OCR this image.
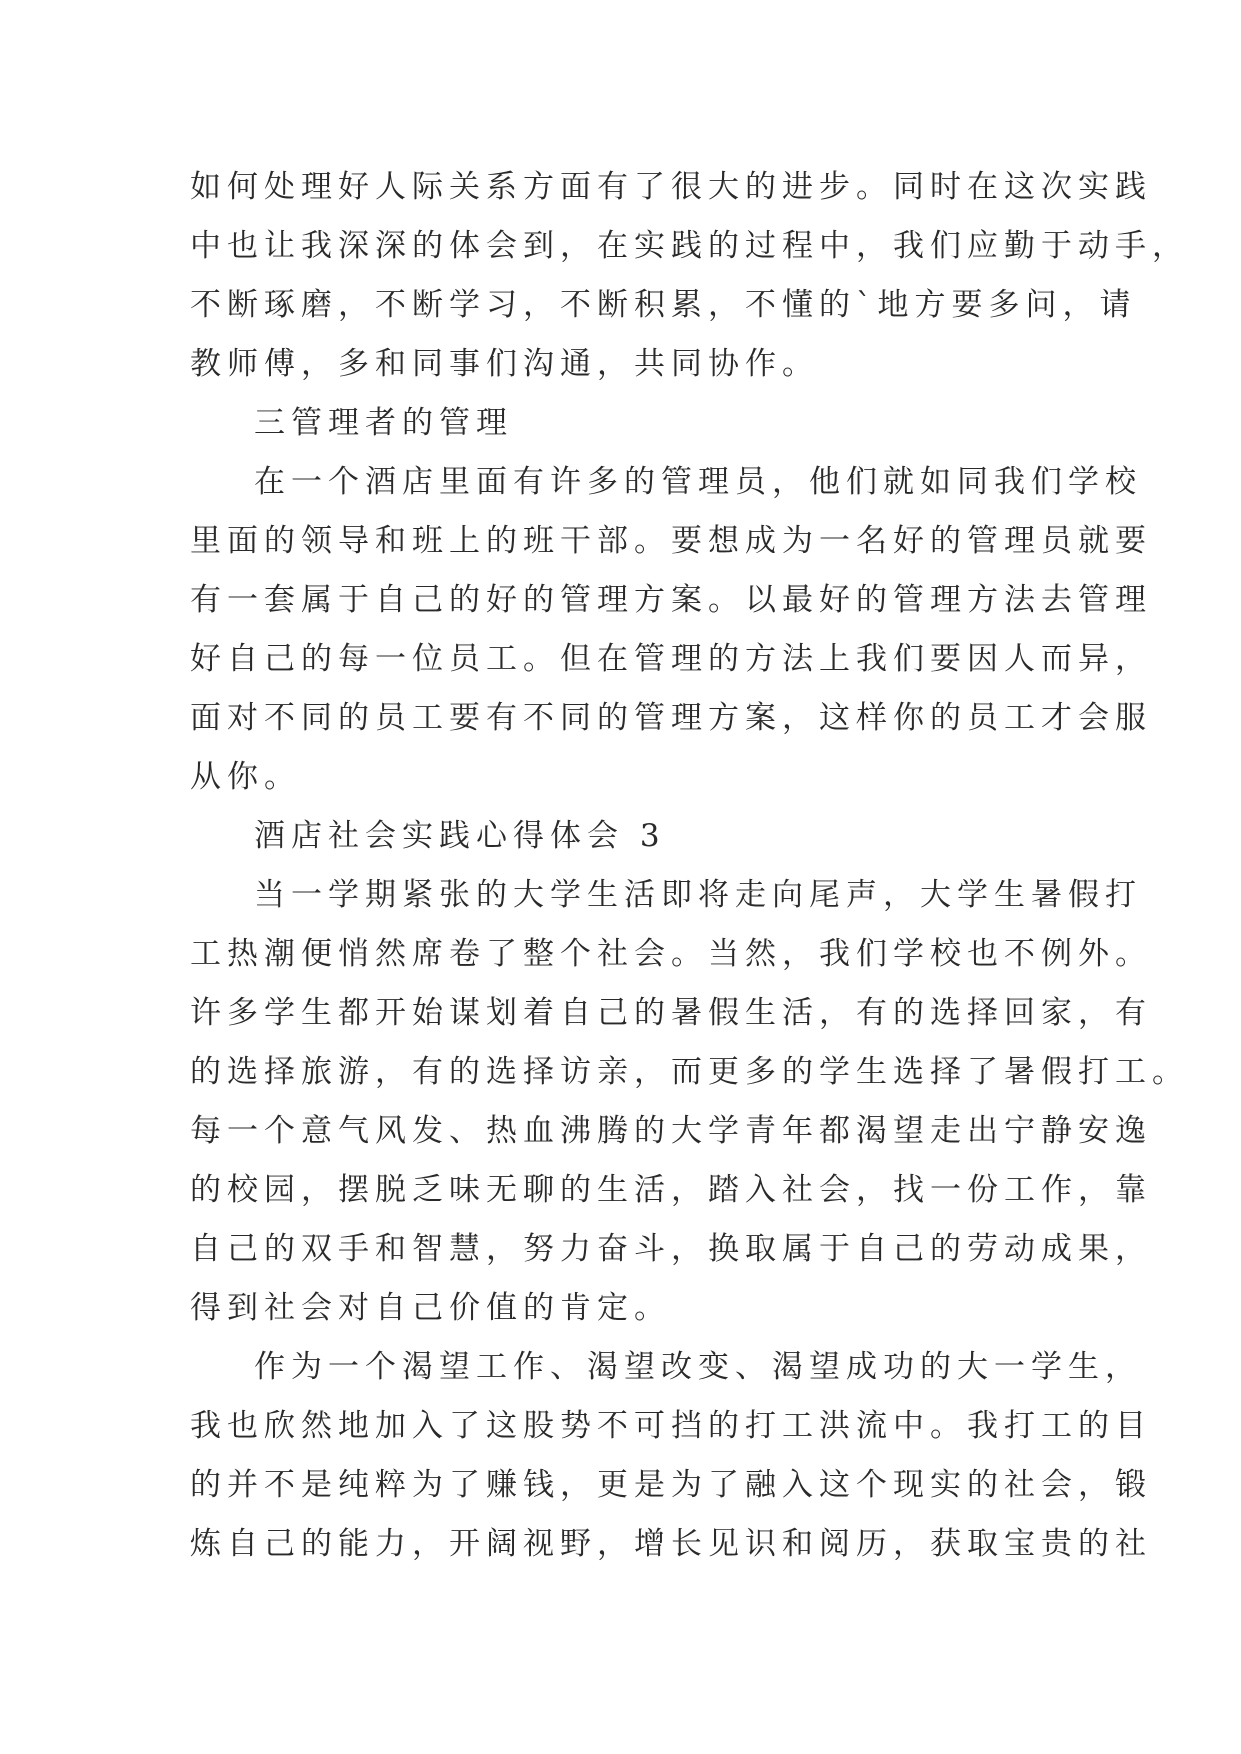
如何处理好人际关系方面有了很大的进步。同时在这次实践
中也让我深深的体会到，在实践的过程中，我们应勤于动手，
不断琢磨，不断学习，不断积累，不懂的`地方要多问，请
教师傅，多和同事们沟通，共同协作。
三管理者的管理
在一个酒店里面有许多的管理员，他们就如同我们学校
里面的领导和班上的班干部。要想成为一名好的管理员就要
有一套属于自己的好的管理方案。以最好的管理方法去管理
好自己的每一位员工。但在管理的方法上我们要因人而异，
面对不同的员工要有不同的管理方案，这样你的员工才会服
从你。
酒店社会实践心得体会 3
当一学期紧张的大学生活即将走向尾声，大学生暑假打
工热潮便悄然席卷了整个社会。当然，我们学校也不例外。
许多学生都开始谋划着自己的暑假生活，有的选择回家，有
的选择旅游，有的选择访亲，而更多的学生选择了暑假打工。
每一个意气风发、热血沸腾的大学青年都渴望走出宁静安逸
的校园，摆脱乏味无聊的生活，踏入社会，找一份工作，靠
自己的双手和智慧，努力奋斗，换取属于自己的劳动成果，
得到社会对自己价值的肯定。
作为一个渴望工作、渴望改变、渴望成功的大一学生，
我也欣然地加入了这股势不可挡的打工洪流中。我打工的目
的并不是纯粹为了赚钱，更是为了融入这个现实的社会，锻
炼自己的能力，开阔视野，增长见识和阅历，获取宝贵的社
